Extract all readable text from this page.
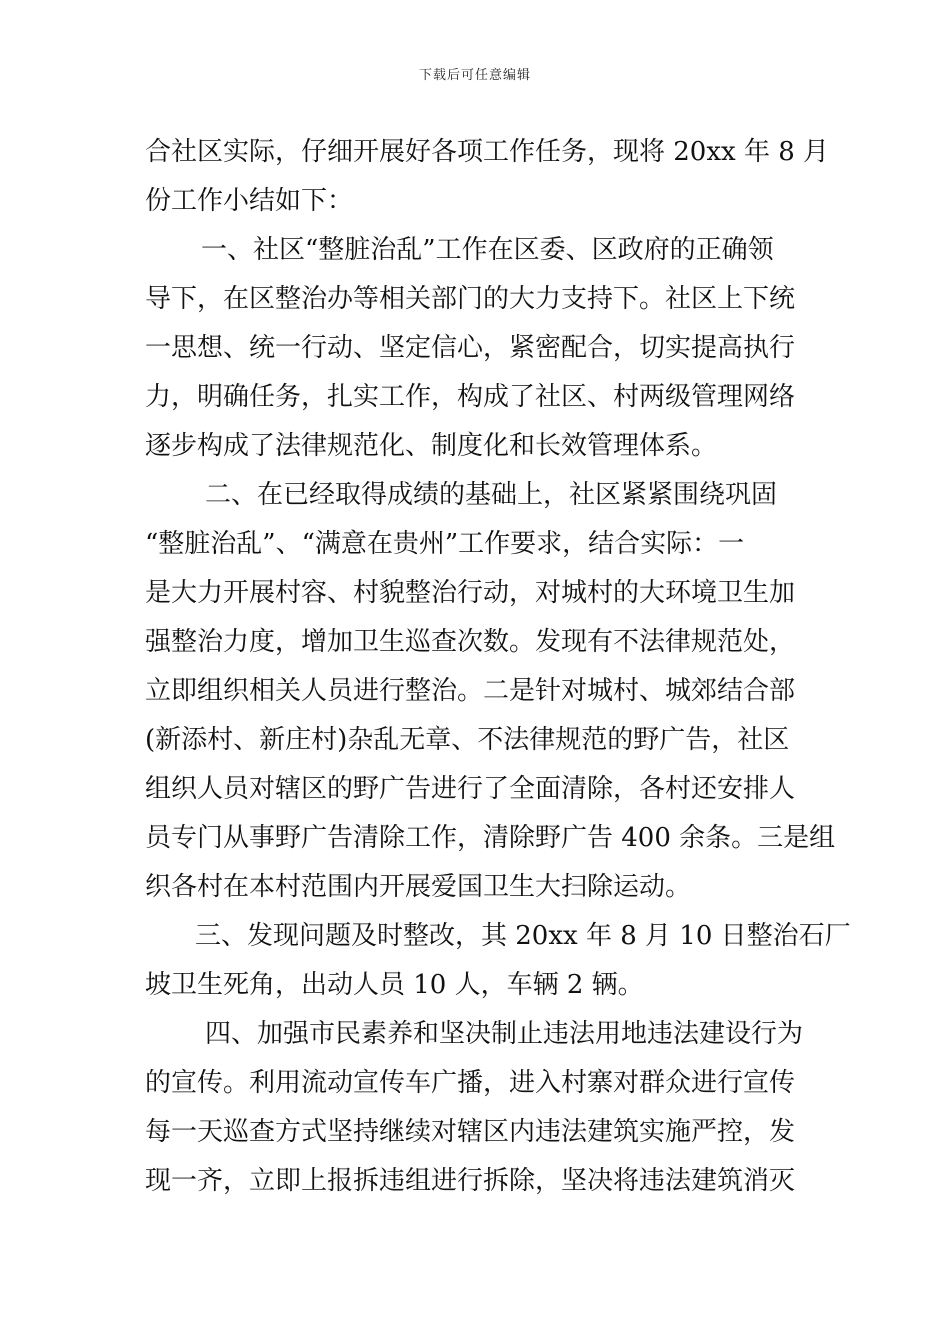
下载后可任意编辑
合社区实际，仔细开展好各项工作任务，现将 20xx 年 8 月
份工作小结如下：
一、社区“整脏治乱”工作在区委、区政府的正确领
导下，在区整治办等相关部门的大力支持下。社区上下统
一思想、统一行动、坚定信心，紧密配合，切实提高执行
力，明确任务，扎实工作，构成了社区、村两级管理网络
逐步构成了法律规范化、制度化和长效管理体系。
二、在已经取得成绩的基础上，社区紧紧围绕巩固
“整脏治乱”、“满意在贵州”工作要求，结合实际：一
是大力开展村容、村貌整治行动，对城村的大环境卫生加
强整治力度，增加卫生巡查次数。发现有不法律规范处，
立即组织相关人员进行整治。二是针对城村、城郊结合部
(新添村、新庄村)杂乱无章、不法律规范的野广告，社区
组织人员对辖区的野广告进行了全面清除，各村还安排人
员专门从事野广告清除工作，清除野广告 400 余条。三是组
织各村在本村范围内开展爱国卫生大扫除运动。
三、发现问题及时整改，其 20xx 年 8 月 10 日整治石厂
坡卫生死角，出动人员 10 人，车辆 2 辆。
四、加强市民素养和坚决制止违法用地违法建设行为
的宣传。利用流动宣传车广播，进入村寨对群众进行宣传
每一天巡查方式坚持继续对辖区内违法建筑实施严控，发
现一齐，立即上报拆违组进行拆除，坚决将违法建筑消灭
